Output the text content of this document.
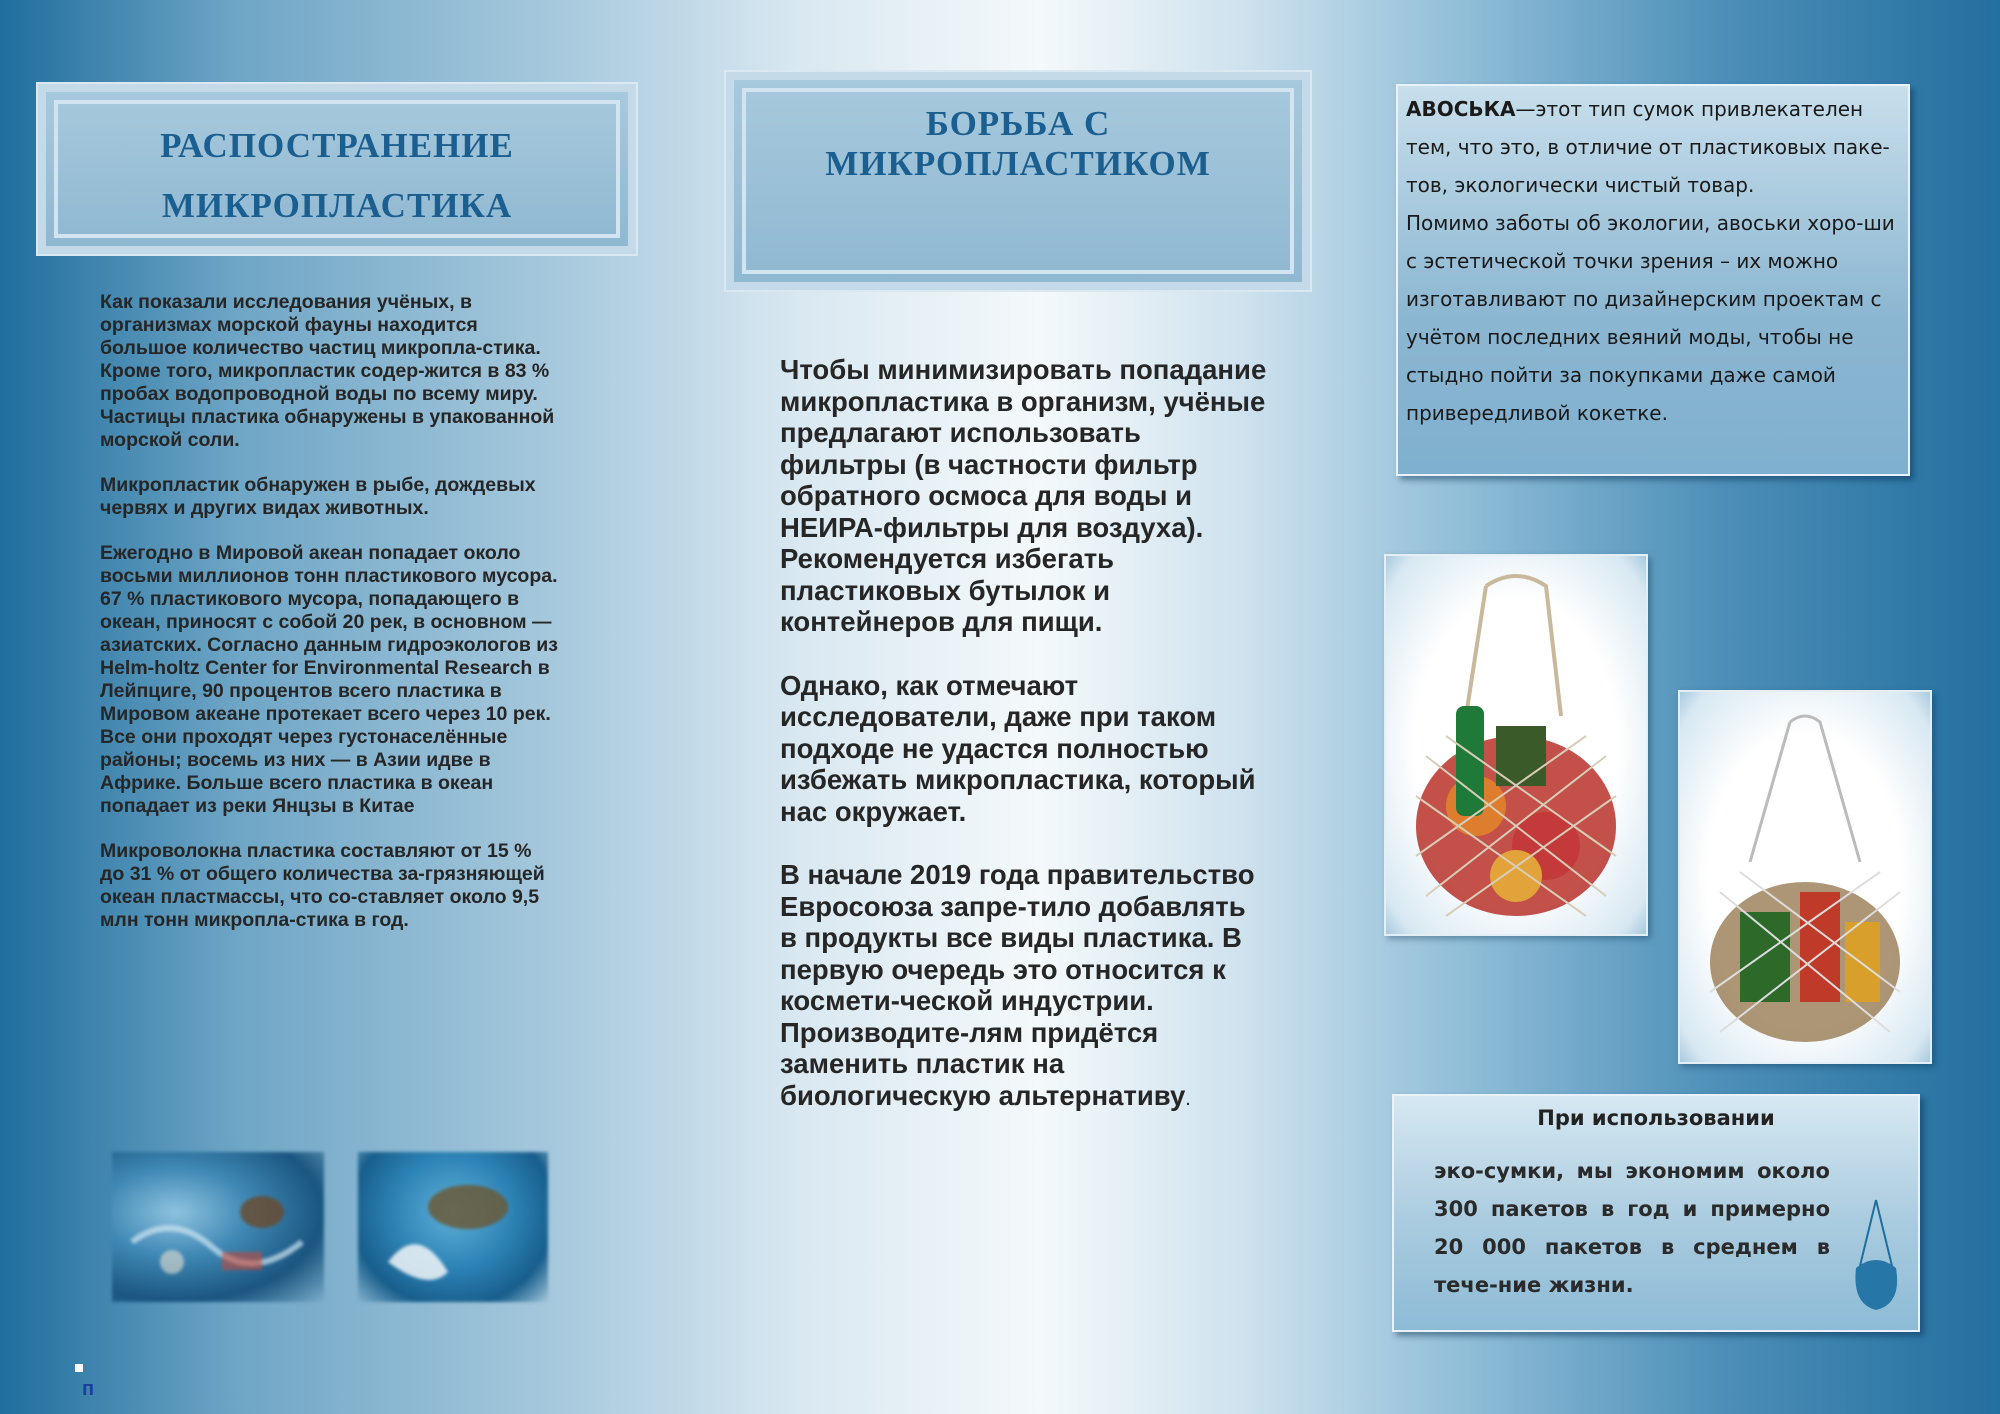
РАСПОСТРАНЕНИЕ
МИКРОПЛАСТИКА

Как показали исследования учёных, в организмах морской фауны находится большое количество частиц микропла-стика. Кроме того, микропластик содер-жится в 83 % пробах водопроводной воды по всему миру. Частицы пластика обнаружены в упакованной морской соли.

Микропластик обнаружен в рыбе, дождевых червях и других видах животных.

Ежегодно в Мировой акеан попадает около восьми миллионов тонн пластикового мусора. 67 % пластикового мусора, попадающего в океан, приносят с собой 20 рек, в основном — азиатских. Согласно данным гидроэкологов из Helm-holtz Center for Environmental Research в Лейпциге, 90 процентов всего пластика в Мировом акеане протекает всего через 10 рек. Все они проходят через густонаселённые районы; восемь из них — в Азии идве в Африке. Больше всего пластика в океан попадает из реки Янцзы в Китае

Микроволокна пластика составляют от 15 % до 31 % от общего количества за-грязняющей океан пластмассы, что со-ставляет около 9,5 млн тонн микропла-стика в год.

п
БОРЬБА С
МИКРОПЛАСТИКОМ

Чтобы минимизировать попадание микропластика в организм, учёные предлагают использовать фильтры (в частности фильтр обратного осмоса для воды и НЕИРА-фильтры для воздуха). Рекомендуется избегать пластиковых бутылок и контейнеров для пищи.

Однако, как отмечают исследователи, даже при таком подходе не удастся полностью избежать микропластика, который нас окружает.

В начале 2019 года правительство Евросоюза запре-тило добавлять в продукты все виды пластика. В первую очередь это относится к космети-ческой индустрии. Производите-лям придётся заменить пластик на биологическую альтернативу.

АВОСЬКА—этот тип сумок привлекателен тем, что это, в отличие от пластиковых паке-тов, экологически чистый товар.
Помимо заботы об экологии, авоськи хоро-ши с эстетической точки зрения – их можно изготавливают по дизайнерским проектам с учётом последних веяний моды, чтобы не стыдно пойти за покупками даже самой привередливой кокетке.
При использовании
эко-сумки, мы экономим около 300 пакетов в год и примерно 20 000 пакетов в среднем в тече-ние жизни.
